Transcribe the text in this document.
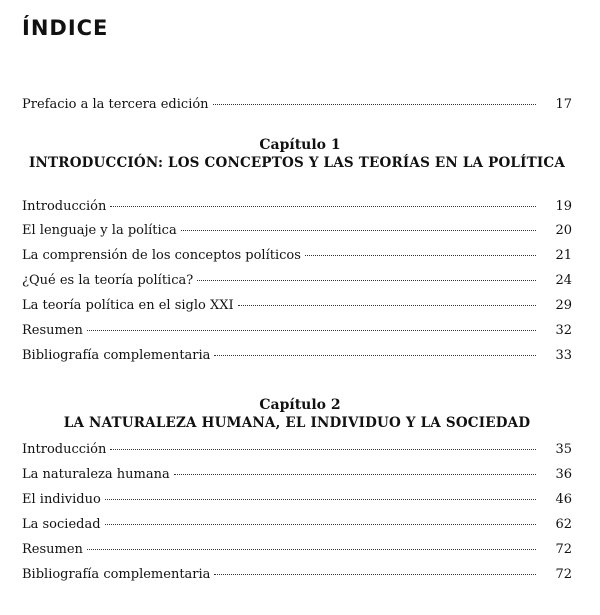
ÍNDICE
Prefacio a la tercera edición	17
Capítulo 1
INTRODUCCIÓN: LOS CONCEPTOS Y LAS TEORÍAS EN LA POLÍTICA
Introducción	19
El lenguaje y la política	20
La comprensión de los conceptos políticos	21
¿Qué es la teoría política?	24
La teoría política en el siglo XXI	29
Resumen	32
Bibliografía complementaria	33
Capítulo 2
LA NATURALEZA HUMANA, EL INDIVIDUO Y LA SOCIEDAD
Introducción	35
La naturaleza humana	36
El individuo	46
La sociedad	62
Resumen	72
Bibliografía complementaria	72
